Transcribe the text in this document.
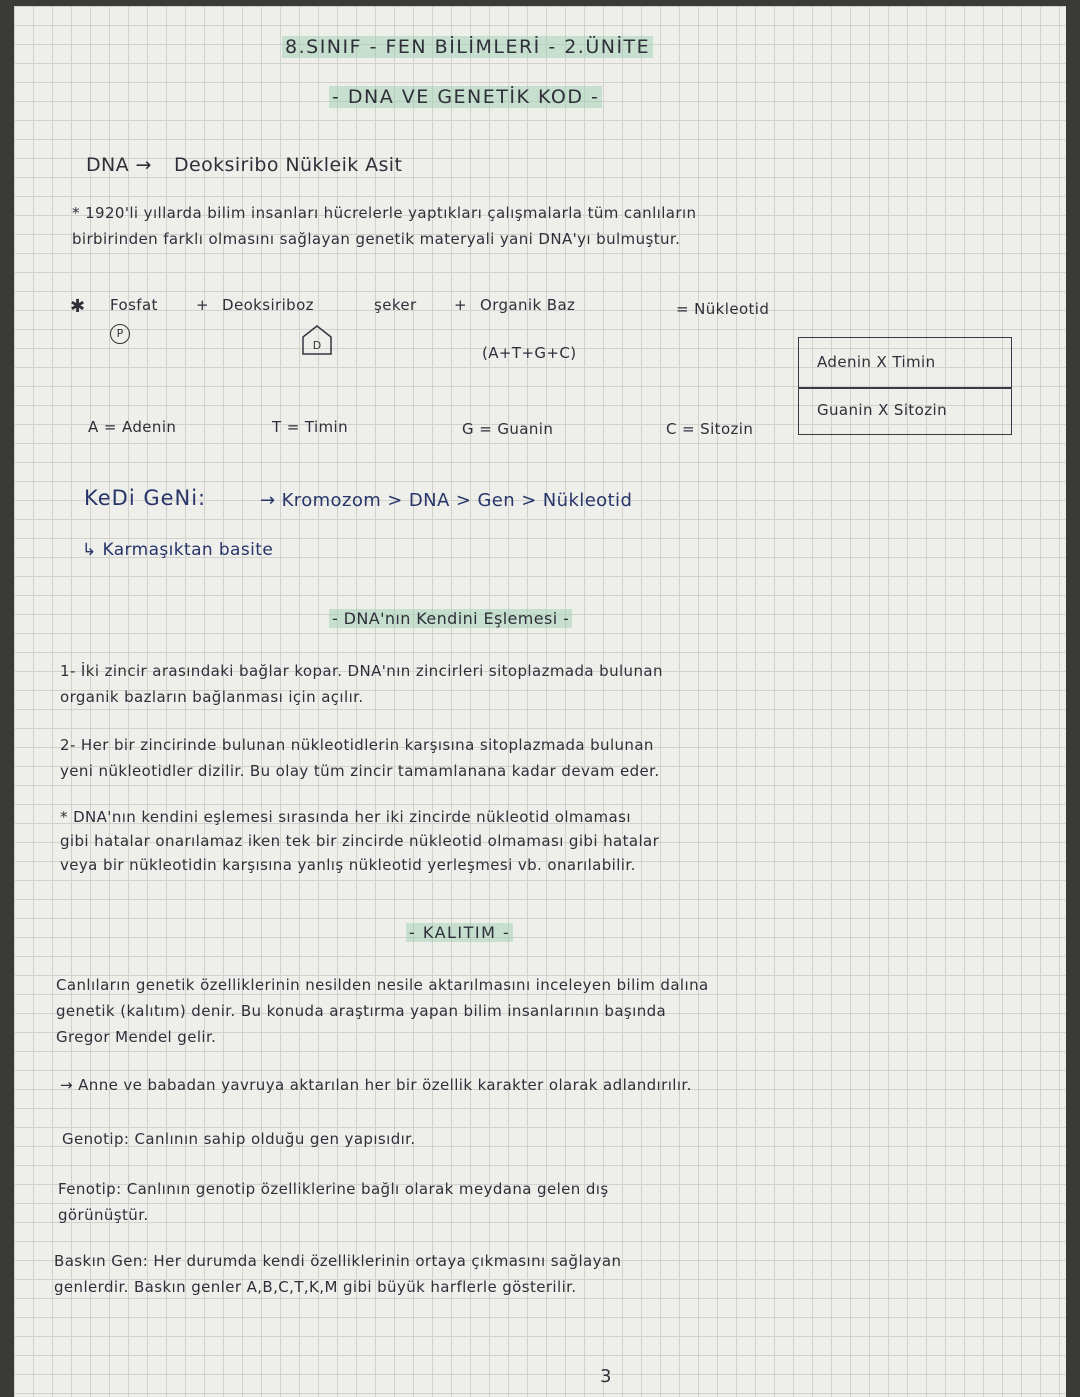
8.SINIF - FEN BİLİMLERİ - 2.ÜNİTE
- DNA VE GENETİK KOD -
DNA → Deoksiribo Nükleik Asit
* 1920'li yıllarda bilim insanları hücrelerle yaptıkları çalışmalarla tüm canlıların
birbirinden farklı olmasını sağlayan genetik materyali yani DNA'yı bulmuştur.
✱ Fosfat	+ Deoksiriboz	şeker + Organik Baz	= Nükleotid
(A+T+G+C)
P
D
Adenin X Timin
Guanin X Sitozin
A = Adenin	T = Timin	G = Guanin	C = Sitozin
KeDi GeNi:	→ Kromozom > DNA > Gen > Nükleotid
↳ Karmaşıktan basite
- DNA'nın Kendini Eşlemesi -
1- İki zincir arasındaki bağlar kopar. DNA'nın zincirleri sitoplazmada bulunan
organik bazların bağlanması için açılır.
2- Her bir zincirinde bulunan nükleotidlerin karşısına sitoplazmada bulunan
yeni nükleotidler dizilir. Bu olay tüm zincir tamamlanana kadar devam eder.
* DNA'nın kendini eşlemesi sırasında her iki zincirde nükleotid olmaması
gibi hatalar onarılamaz iken tek bir zincirde nükleotid olmaması gibi hatalar
veya bir nükleotidin karşısına yanlış nükleotid yerleşmesi vb. onarılabilir.
- KALITIM -
Canlıların genetik özelliklerinin nesilden nesile aktarılmasını inceleyen bilim dalına
genetik (kalıtım) denir. Bu konuda araştırma yapan bilim insanlarının başında
Gregor Mendel gelir.
→ Anne ve babadan yavruya aktarılan her bir özellik karakter olarak adlandırılır.
Genotip: Canlının sahip olduğu gen yapısıdır.
Fenotip: Canlının genotip özelliklerine bağlı olarak meydana gelen dış
görünüştür.
Baskın Gen: Her durumda kendi özelliklerinin ortaya çıkmasını sağlayan
genlerdir. Baskın genler A,B,C,T,K,M gibi büyük harflerle gösterilir.
3
